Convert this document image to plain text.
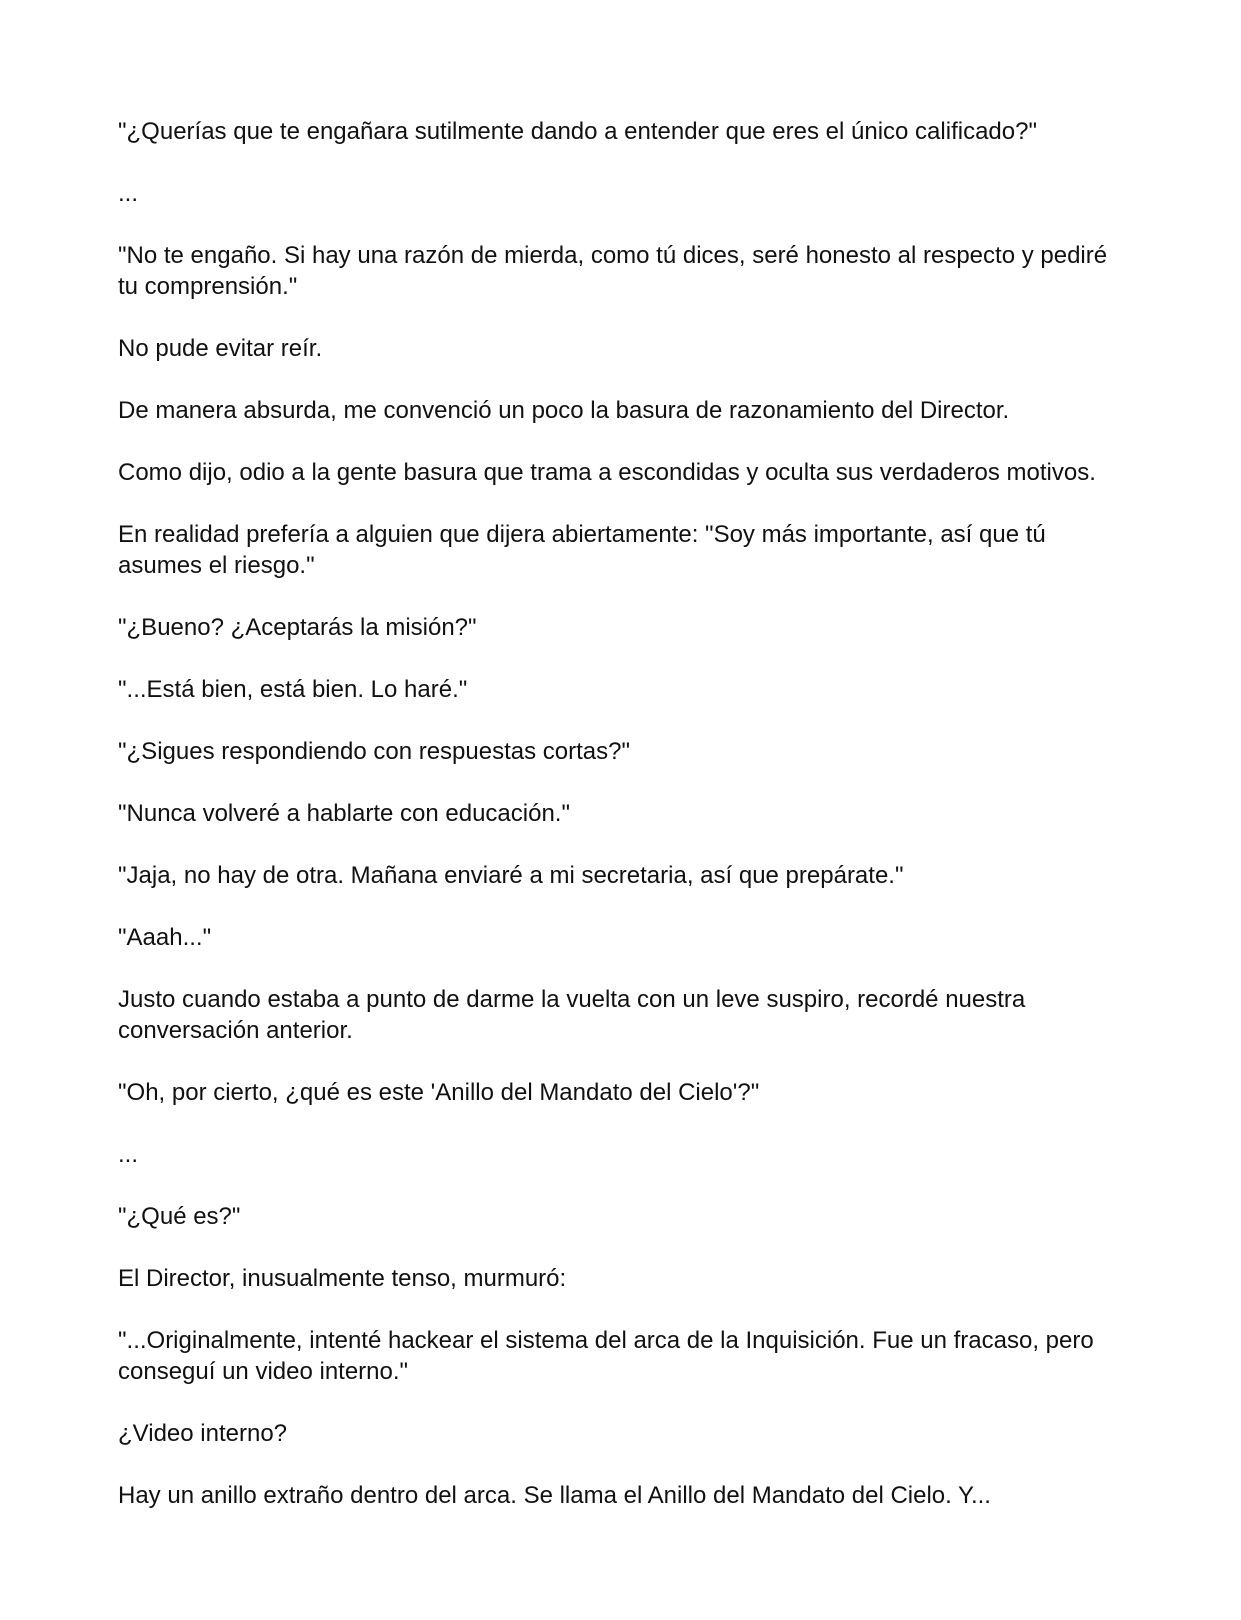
"¿Querías que te engañara sutilmente dando a entender que eres el único calificado?"

...

"No te engaño. Si hay una razón de mierda, como tú dices, seré honesto al respecto y pediré tu comprensión."

No pude evitar reír.

De manera absurda, me convenció un poco la basura de razonamiento del Director.

Como dijo, odio a la gente basura que trama a escondidas y oculta sus verdaderos motivos.

En realidad prefería a alguien que dijera abiertamente: "Soy más importante, así que tú asumes el riesgo."

"¿Bueno? ¿Aceptarás la misión?"

"...Está bien, está bien. Lo haré."

"¿Sigues respondiendo con respuestas cortas?"

"Nunca volveré a hablarte con educación."

"Jaja, no hay de otra. Mañana enviaré a mi secretaria, así que prepárate."

"Aaah..."

Justo cuando estaba a punto de darme la vuelta con un leve suspiro, recordé nuestra conversación anterior.

"Oh, por cierto, ¿qué es este 'Anillo del Mandato del Cielo'?"

...

"¿Qué es?"

El Director, inusualmente tenso, murmuró:

"...Originalmente, intenté hackear el sistema del arca de la Inquisición. Fue un fracaso, pero conseguí un video interno."

¿Video interno?

Hay un anillo extraño dentro del arca. Se llama el Anillo del Mandato del Cielo. Y...
